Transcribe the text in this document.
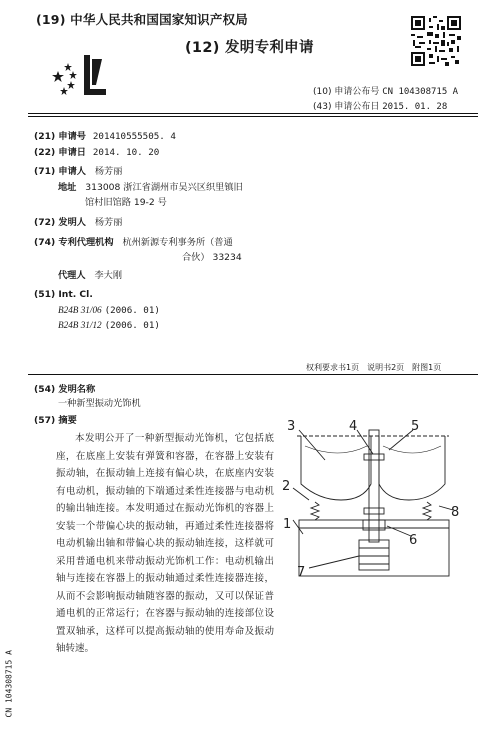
(19) 中华人民共和国国家知识产权局
(12) 发明专利申请
(10) 申请公布号 CN 104308715 A
(43) 申请公布日 2015. 01. 28
(21) 申请号 201410555505. 4
(22) 申请日 2014. 10. 20
(71) 申请人 杨芳丽
地址 313008 浙江省湖州市吴兴区织里镇旧
馆村旧馆路 19-2 号
(72) 发明人 杨芳丽
(74) 专利代理机构 杭州新源专利事务所（普通
合伙） 33234
代理人 李大刚
(51) Int. Cl.
B24B 31/06 (2006. 01)
B24B 31/12 (2006. 01)
权利要求书1页　说明书2页　附图1页
(54) 发明名称
一种新型振动光饰机
(57) 摘要

本发明公开了一种新型振动光饰机，它包括底座，在底座上安装有弹簧和容器，在容器上安装有振动轴，在振动轴上连接有偏心块，在底座内安装有电动机，振动轴的下端通过柔性连接器与电动机的输出轴连接。本发明通过在振动光饰机的容器上安装一个带偏心块的振动轴，再通过柔性连接器将电动机输出轴和带偏心块的振动轴连接，这样就可采用普通电机来带动振动光饰机工作：电动机输出轴与连接在容器上的振动轴通过柔性连接器连接，从而不会影响振动轴随容器的振动，又可以保证普通电机的正常运行；在容器与振动轴的连接部位设置双轴承，这样可以提高振动轴的使用寿命及振动轴转速。

3	4	5
2
8
1
6
7
CN 104308715 A
